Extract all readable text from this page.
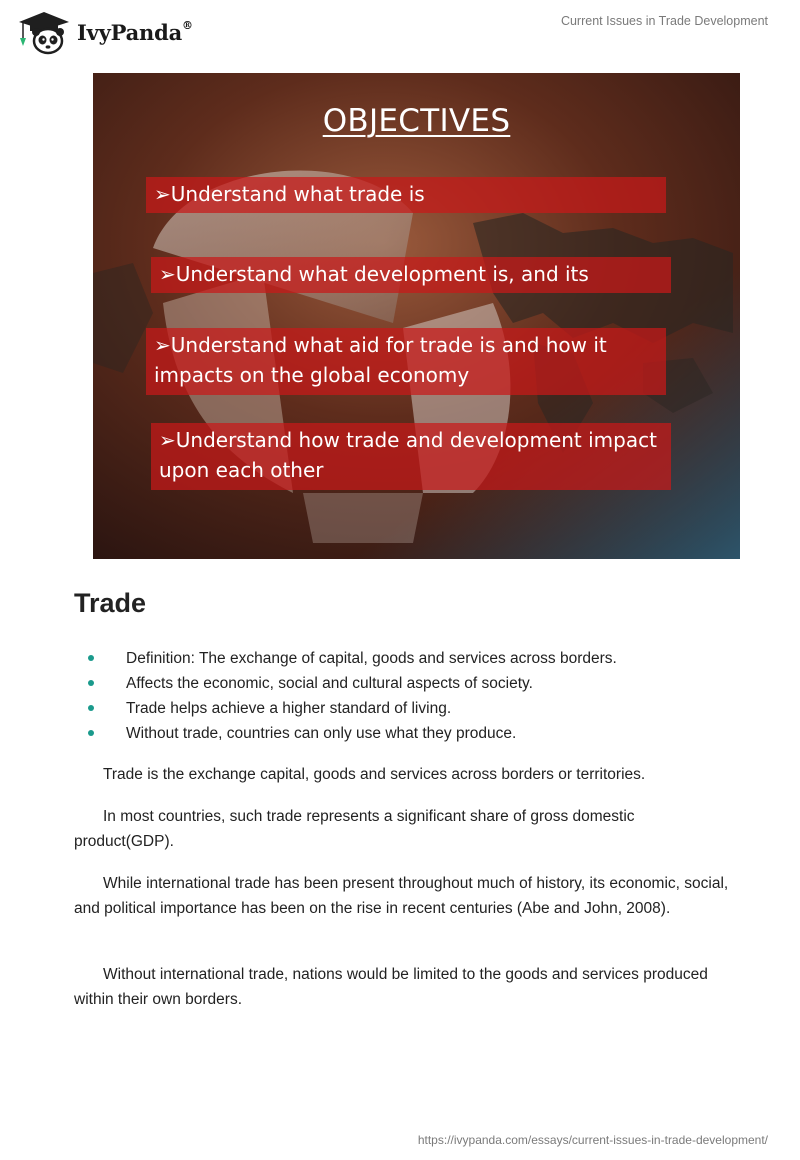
IvyPanda®	Current Issues in Trade Development
OBJECTIVES
➢Understand what trade is
➢Understand what development is, and its
➢Understand what aid for trade is and how it impacts on the global economy
➢Understand how trade and development impact upon each other
Trade
Definition: The exchange of capital, goods and services across borders.
Affects the economic, social and cultural aspects of society.
Trade helps achieve a higher standard of living.
Without trade, countries can only use what they produce.

Trade is the exchange capital, goods and services across borders or territories.

In most countries, such trade represents a significant share of gross domestic product(GDP).

While international trade has been present throughout much of history, its economic, social, and political importance has been on the rise in recent centuries (Abe and John, 2008).

Without international trade, nations would be limited to the goods and services produced within their own borders.

https://ivypanda.com/essays/current-issues-in-trade-development/
